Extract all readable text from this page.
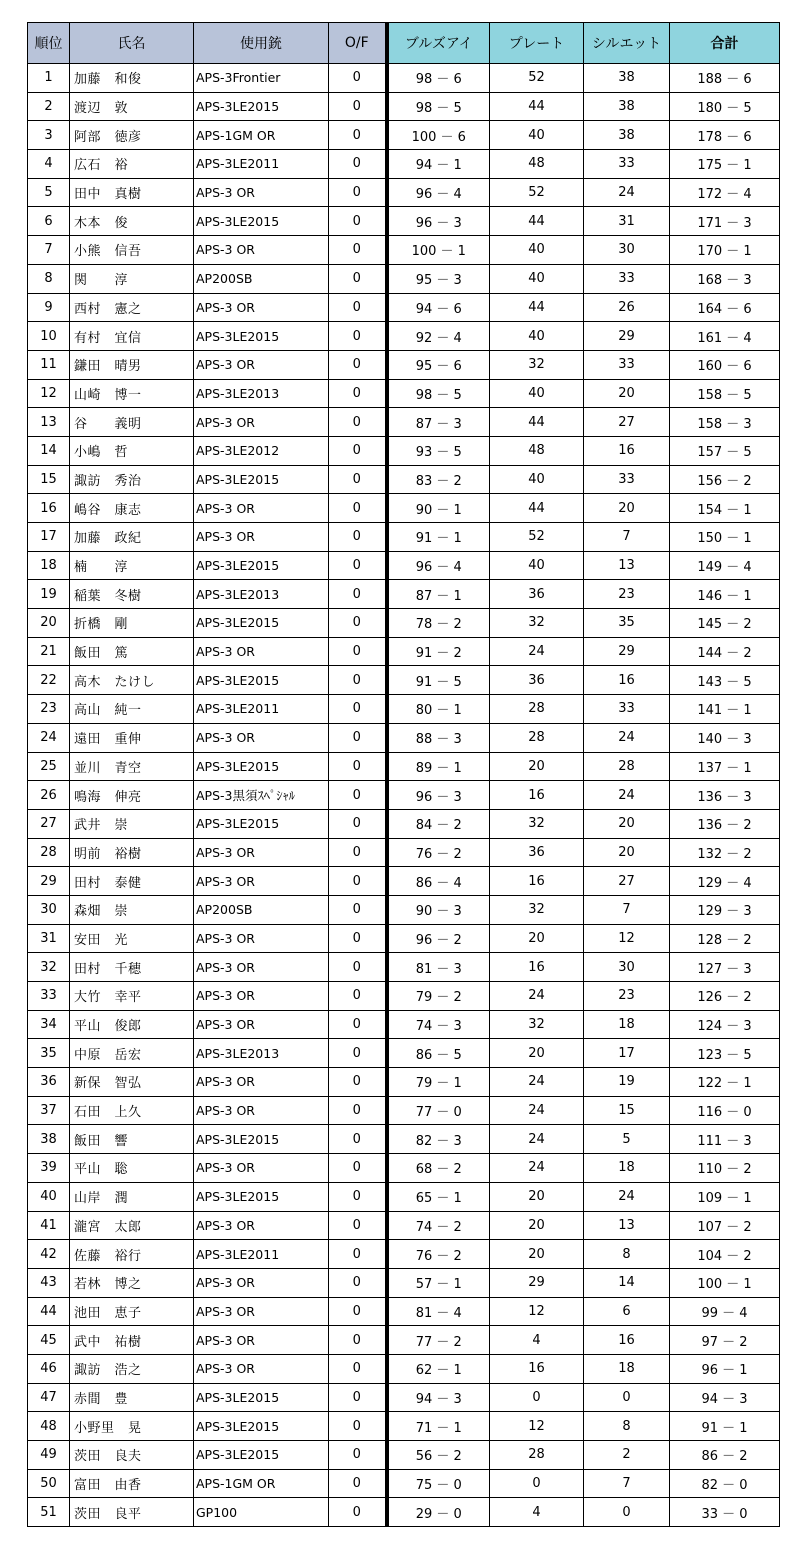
順位	氏名	使用銃	O/F	ブルズアイ	プレート	シルエット	合計
1	加藤　和俊	APS-3Frontier	0	98 － 6	52	38	188 － 6
2	渡辺　敦	APS-3LE2015	0	98 － 5	44	38	180 － 5
3	阿部　徳彦	APS-1GM OR	0	100 － 6	40	38	178 － 6
4	広石　裕	APS-3LE2011	0	94 － 1	48	33	175 － 1
5	田中　真樹	APS-3 OR	0	96 － 4	52	24	172 － 4
6	木本　俊	APS-3LE2015	0	96 － 3	44	31	171 － 3
7	小熊　信吾	APS-3 OR	0	100 － 1	40	30	170 － 1
8	関　　淳	AP200SB	0	95 － 3	40	33	168 － 3
9	西村　憲之	APS-3 OR	0	94 － 6	44	26	164 － 6
10	有村　宜信	APS-3LE2015	0	92 － 4	40	29	161 － 4
11	鎌田　晴男	APS-3 OR	0	95 － 6	32	33	160 － 6
12	山崎　博一	APS-3LE2013	0	98 － 5	40	20	158 － 5
13	谷　　義明	APS-3 OR	0	87 － 3	44	27	158 － 3
14	小嶋　哲	APS-3LE2012	0	93 － 5	48	16	157 － 5
15	諏訪　秀治	APS-3LE2015	0	83 － 2	40	33	156 － 2
16	嶋谷　康志	APS-3 OR	0	90 － 1	44	20	154 － 1
17	加藤　政紀	APS-3 OR	0	91 － 1	52	7	150 － 1
18	楠　　淳	APS-3LE2015	0	96 － 4	40	13	149 － 4
19	稲葉　冬樹	APS-3LE2013	0	87 － 1	36	23	146 － 1
20	折橋　剛	APS-3LE2015	0	78 － 2	32	35	145 － 2
21	飯田　篤	APS-3 OR	0	91 － 2	24	29	144 － 2
22	高木　たけし	APS-3LE2015	0	91 － 5	36	16	143 － 5
23	高山　純一	APS-3LE2011	0	80 － 1	28	33	141 － 1
24	遠田　重伸	APS-3 OR	0	88 － 3	28	24	140 － 3
25	並川　青空	APS-3LE2015	0	89 － 1	20	28	137 － 1
26	鳴海　伸亮	APS-3黒須ｽﾍﾟｼｬﾙ	0	96 － 3	16	24	136 － 3
27	武井　崇	APS-3LE2015	0	84 － 2	32	20	136 － 2
28	明前　裕樹	APS-3 OR	0	76 － 2	36	20	132 － 2
29	田村　泰健	APS-3 OR	0	86 － 4	16	27	129 － 4
30	森畑　崇	AP200SB	0	90 － 3	32	7	129 － 3
31	安田　光	APS-3 OR	0	96 － 2	20	12	128 － 2
32	田村　千穂	APS-3 OR	0	81 － 3	16	30	127 － 3
33	大竹　幸平	APS-3 OR	0	79 － 2	24	23	126 － 2
34	平山　俊郎	APS-3 OR	0	74 － 3	32	18	124 － 3
35	中原　岳宏	APS-3LE2013	0	86 － 5	20	17	123 － 5
36	新保　智弘	APS-3 OR	0	79 － 1	24	19	122 － 1
37	石田　上久	APS-3 OR	0	77 － 0	24	15	116 － 0
38	飯田　響	APS-3LE2015	0	82 － 3	24	5	111 － 3
39	平山　聡	APS-3 OR	0	68 － 2	24	18	110 － 2
40	山岸　潤	APS-3LE2015	0	65 － 1	20	24	109 － 1
41	瀧宮　太郎	APS-3 OR	0	74 － 2	20	13	107 － 2
42	佐藤　裕行	APS-3LE2011	0	76 － 2	20	8	104 － 2
43	若林　博之	APS-3 OR	0	57 － 1	29	14	100 － 1
44	池田　恵子	APS-3 OR	0	81 － 4	12	6	99 － 4
45	武中　祐樹	APS-3 OR	0	77 － 2	4	16	97 － 2
46	諏訪　浩之	APS-3 OR	0	62 － 1	16	18	96 － 1
47	赤間　豊	APS-3LE2015	0	94 － 3	0	0	94 － 3
48	小野里　晃	APS-3LE2015	0	71 － 1	12	8	91 － 1
49	茨田　良夫	APS-3LE2015	0	56 － 2	28	2	86 － 2
50	富田　由香	APS-1GM OR	0	75 － 0	0	7	82 － 0
51	茨田　良平	GP100	0	29 － 0	4	0	33 － 0
